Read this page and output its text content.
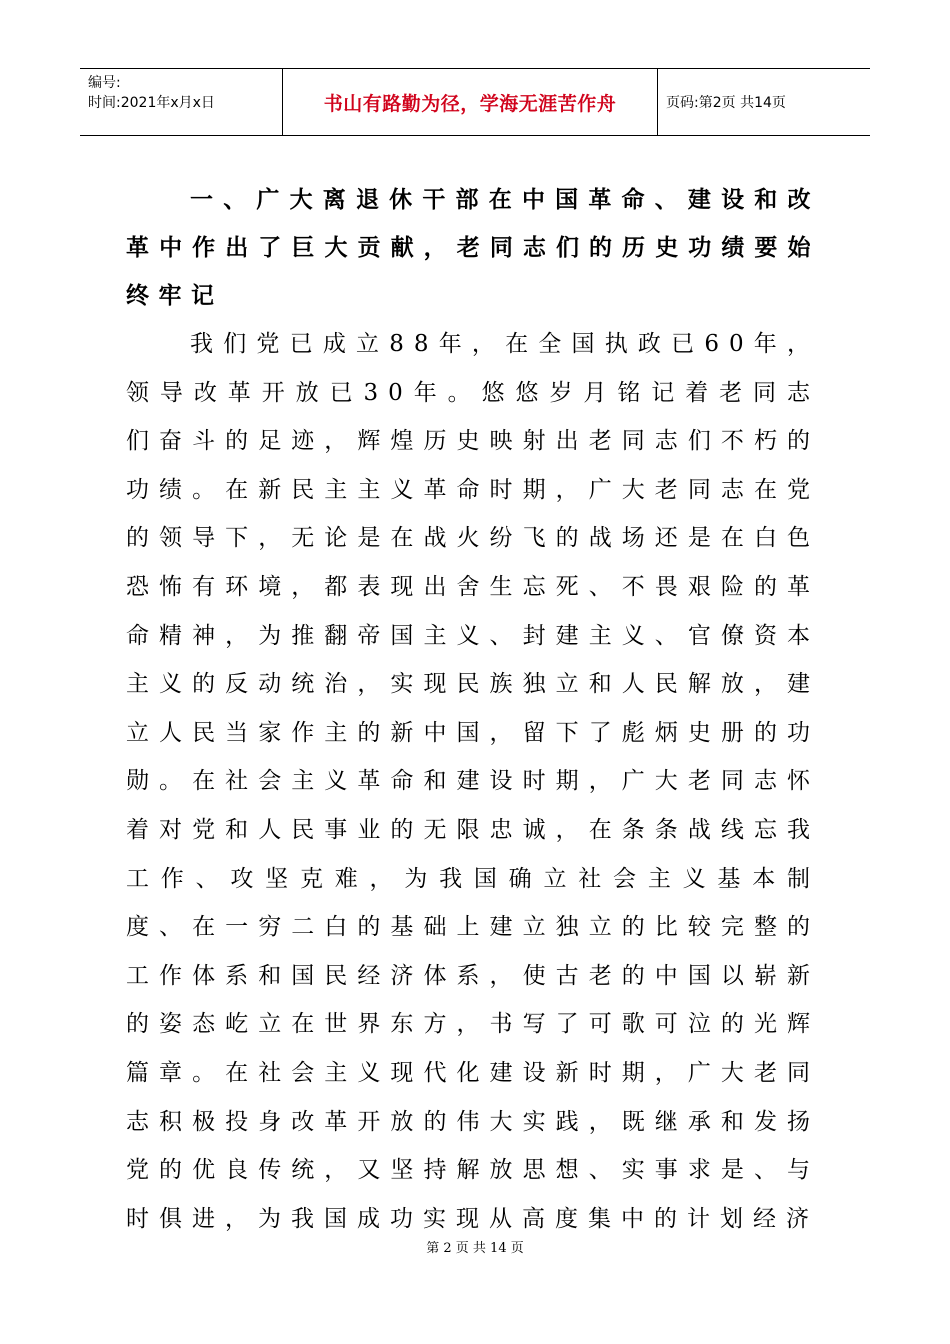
编号:
时间:2021年x月x日	书山有路勤为径，学海无涯苦作舟	页码:第2页 共14页

一、广大离退休干部在中国革命、建设和改革中作出了巨大贡献，老同志们的历史功绩要始终牢记

我们党已成立88年，在全国执政已60年，领导改革开放已30年。悠悠岁月铭记着老同志们奋斗的足迹，辉煌历史映射出老同志们不朽的功绩。在新民主主义革命时期，广大老同志在党的领导下，无论是在战火纷飞的战场还是在白色恐怖有环境，都表现出舍生忘死、不畏艰险的革命精神，为推翻帝国主义、封建主义、官僚资本主义的反动统治，实现民族独立和人民解放，建立人民当家作主的新中国，留下了彪炳史册的功勋。在社会主义革命和建设时期，广大老同志怀着对党和人民事业的无限忠诚，在条条战线忘我工作、攻坚克难，为我国确立社会主义基本制度、在一穷二白的基础上建立独立的比较完整的工作体系和国民经济体系，使古老的中国以崭新的姿态屹立在世界东方，书写了可歌可泣的光辉篇章。在社会主义现代化建设新时期，广大老同志积极投身改革开放的伟大实践，既继承和发扬党的优良传统，又坚持解放思想、实事求是、与时俱进，为我国成功实现从高度集中的计划经济

第 2 页 共 14 页
